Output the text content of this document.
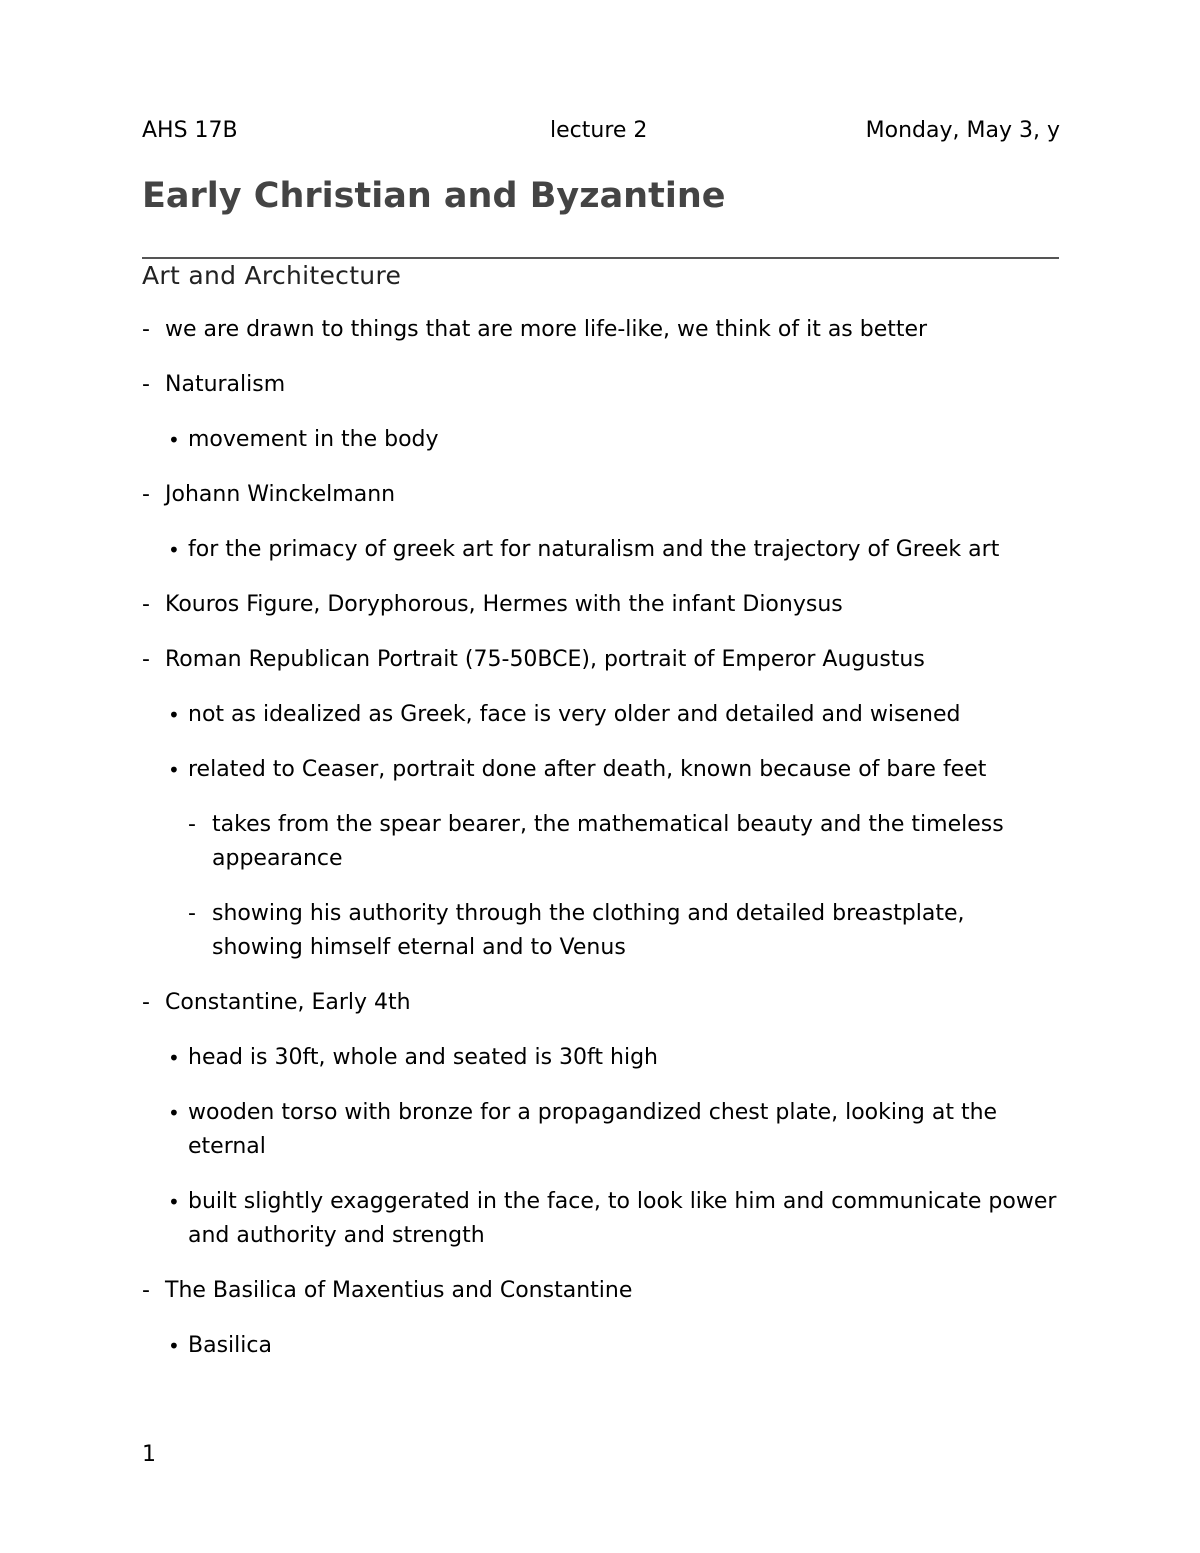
AHS 17B	lecture 2	Monday, May 3, y
Early Christian and Byzantine
Art and Architecture
- we are drawn to things that are more life-like, we think of it as better
- Naturalism
• movement in the body
- Johann Winckelmann
• for the primacy of greek art for naturalism and the trajectory of Greek art
- Kouros Figure, Doryphorous, Hermes with the infant Dionysus
- Roman Republican Portrait (75-50BCE), portrait of Emperor Augustus
• not as idealized as Greek, face is very older and detailed and wisened
• related to Ceaser, portrait done after death, known because of bare feet
- takes from the spear bearer, the mathematical beauty and the timeless appearance
- showing his authority through the clothing and detailed breastplate, showing himself eternal and to Venus
- Constantine, Early 4th
• head is 30ft, whole and seated is 30ft high
• wooden torso with bronze for a propagandized chest plate, looking at the eternal
• built slightly exaggerated in the face, to look like him and communicate power and authority and strength
- The Basilica of Maxentius and Constantine
• Basilica
1
